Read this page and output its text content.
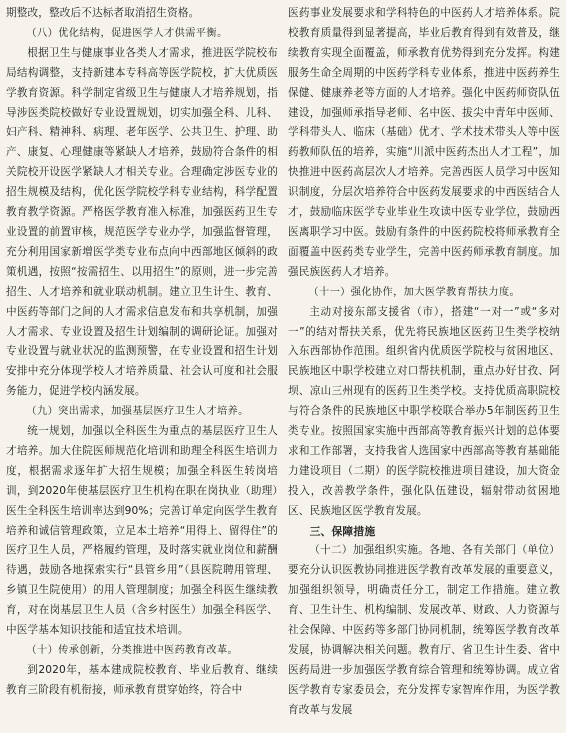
期整改，整改后不达标者取消招生资格。

（八）优化结构，促进医学人才供需平衡。

根据卫生与健康事业各类人才需求，推进医学院校布局结构调整，支持新建本专科高等医学院校，扩大优质医学教育资源。科学制定省级卫生与健康人才培养规划，指导涉医类院校做好专业设置规划，切实加强全科、儿科、妇产科、精神科、病理、老年医学、公共卫生、护理、助产、康复、心理健康等紧缺人才培养，鼓励符合条件的相关院校开设医学紧缺人才相关专业。合理确定涉医专业的招生规模及结构，优化医学院校学科专业结构，科学配置教育教学资源。严格医学教育准入标准，加强医药卫生专业设置的前置审核，规范医学专业办学，加强监督管理，充分利用国家新增医学类专业布点向中西部地区倾斜的政策机遇，按照“按需招生、以用招生”的原则，进一步完善招生、人才培养和就业联动机制。建立卫生计生、教育、中医药等部门之间的人才需求信息发布和共享机制，加强人才需求、专业设置及招生计划编制的调研论证。加强对专业设置与就业状况的监测预警，在专业设置和招生计划安排中充分体现学校人才培养质量、社会认可度和社会服务能力，促进学校内涵发展。

（九）突出需求，加强基层医疗卫生人才培养。

统一规划，加强以全科医生为重点的基层医疗卫生人才培养。加大住院医师规范化培训和助理全科医生培训力度，根据需求逐年扩大招生规模；加强全科医生转岗培训，到2020年使基层医疗卫生机构在职在岗执业（助理）医生全科医生培训率达到90%；完善订单定向医学生教育培养和诚信管理政策，立足本土培养“用得上、留得住”的医疗卫生人员，严格履约管理，及时落实就业岗位和薪酬待遇，鼓励各地探索实行“县管乡用”（县医院聘用管理、乡镇卫生院使用）的用人管理制度；加强全科医生继续教育，对在岗基层卫生人员（含乡村医生）加强全科医学、中医学基本知识技能和适宜技术培训。

（十）传承创新，分类推进中医药教育改革。

到2020年，基本建成院校教育、毕业后教育、继续教育三阶段有机衔接，师承教育贯穿始终，符合中

医药事业发展要求和学科特色的中医药人才培养体系。院校教育质量得到显著提高，毕业后教育得到有效普及，继续教育实现全面覆盖，师承教育优势得到充分发挥。构建服务生命全周期的中医药学科专业体系，推进中医药养生保健、健康养老等方面的人才培养。强化中医药师资队伍建设，加强师承指导老师、名中医、拔尖中青年中医师、学科带头人、临床（基础）优才、学术技术带头人等中医药教师队伍的培养，实施“川派中医药杰出人才工程”，加快推进中医药高层次人才培养。完善西医人员学习中医知识制度，分层次培养符合中医药发展要求的中西医结合人才，鼓励临床医学专业毕业生攻读中医专业学位，鼓励西医离职学习中医。鼓励有条件的中医药院校将师承教育全面覆盖中医药类专业学生，完善中医药师承教育制度。加强民族医药人才培养。

（十一）强化协作，加大医学教育帮扶力度。

主动对接东部支援省（市），搭建“一对一”或“多对一”的结对帮扶关系，优先将民族地区医药卫生类学校纳入东西部协作范围。组织省内优质医学院校与贫困地区、民族地区中职学校建立对口帮扶机制，重点办好甘孜、阿坝、凉山三州现有的医药卫生类学校。支持优质高职院校与符合条件的民族地区中职学校联合举办5年制医药卫生类专业。按照国家实施中西部高等教育振兴计划的总体要求和工作部署，支持我省人选国家中西部高等教育基础能力建设项目（二期）的医学院校推进项目建设，加大资金投入，改善教学条件，强化队伍建设，辐射带动贫困地区、民族地区医学教育发展。

三、保障措施

（十二）加强组织实施。各地、各有关部门（单位）要充分认识医教协同推进医学教育改革发展的重要意义，加强组织领导，明确责任分工，制定工作措施。建立教育、卫生计生、机构编制、发展改革、财政、人力资源与社会保障、中医药等多部门协同机制，统筹医学教育改革发展，协调解决相关问题。教育厅、省卫生计生委、省中医药局进一步加强医学教育综合管理和统筹协调。成立省医学教育专家委员会，充分发挥专家智库作用，为医学教育改革与发展
